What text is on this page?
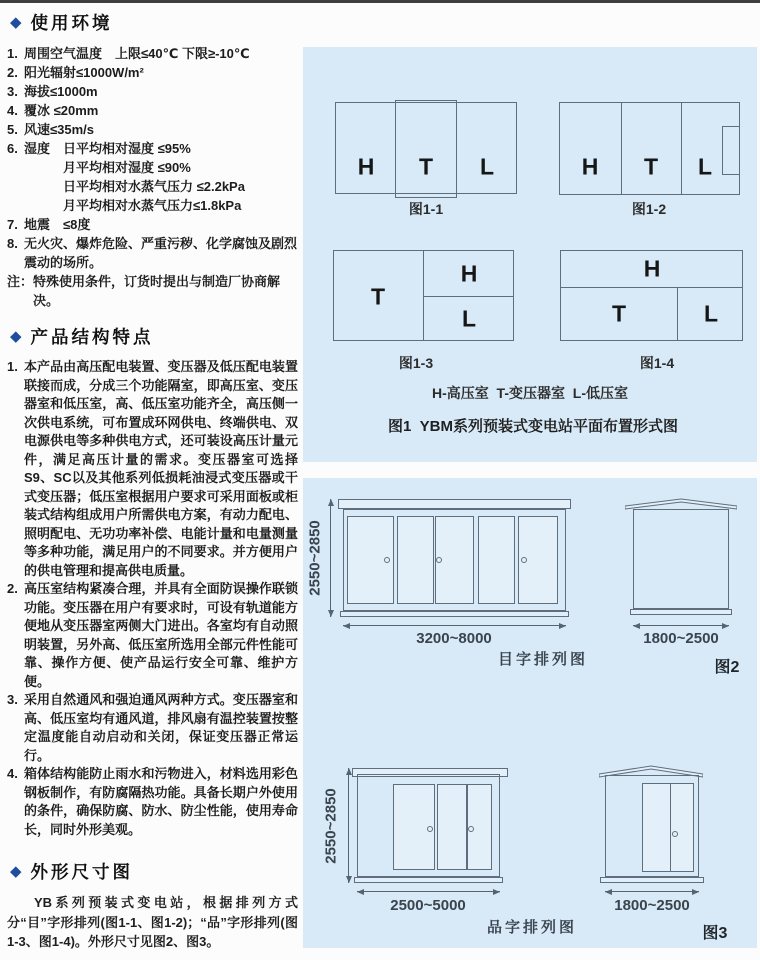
◆ 使用环境
1. 周围空气温度　上限≤40℃ 下限≥-10℃
2. 阳光辐射≤1000W/m²
3. 海拔≤1000m
4. 覆冰 ≤20mm
5. 风速≤35m/s
6. 湿度　日平均相对湿度 ≤95%
月平均相对湿度 ≤90%
日平均相对水蒸气压力 ≤2.2kPa
月平均相对水蒸气压力≤1.8kPa
7. 地震　≤8度
8. 无火灾、爆炸危险、严重污秽、化学腐蚀及剧烈震动的场所。
注： 特殊使用条件，订货时提出与制造厂协商解决。
◆ 产品结构特点
1. 本产品由高压配电装置、变压器及低压配电装置联接而成，分成三个功能隔室，即高压室、变压器室和低压室，高、低压室功能齐全，高压侧一次供电系统，可布置成环网供电、终端供电、双电源供电等多种供电方式，还可装设高压计量元件，满足高压计量的需求。变压器室可选择S9、SC以及其他系列低损耗油浸式变压器或干式变压器；低压室根据用户要求可采用面板或柜装式结构组成用户所需供电方案，有动力配电、照明配电、无功功率补偿、电能计量和电量测量等多种功能，满足用户的不同要求。并方便用户的供电管理和提高供电质量。
2. 高压室结构紧凑合理，并具有全面防误操作联锁功能。变压器在用户有要求时，可设有轨道能方便地从变压器室两侧大门进出。各室均有自动照明装置，另外高、低压室所选用全部元件性能可靠、操作方便、使产品运行安全可靠、维护方便。
3. 采用自然通风和强迫通风两种方式。变压器室和高、低压室均有通风道，排风扇有温控装置按整定温度能自动启动和关闭，保证变压器正常运行。
4. 箱体结构能防止雨水和污物进入，材料选用彩色钢板制作，有防腐隔热功能。具备长期户外使用的条件，确保防腐、防水、防尘性能，使用寿命长，同时外形美观。
◆ 外形尺寸图
YB系列预装式变电站，根据排列方式分“目”字形排列(图1-1、图1-2)；“品”字形排列(图1-3、图1-4)。外形尺寸见图2、图3。
H T L
图1-1
H T L
图1-2
T
H
L
图1-3
H
T	L
图1-4
H-高压室  T-变压器室  L-低压室
图1  YBM系列预装式变电站平面布置形式图
2550~2850
3200~8000
目字排列图
1800~2500
图2
2550~2850
2500~5000
品字排列图
1800~2500
图3
